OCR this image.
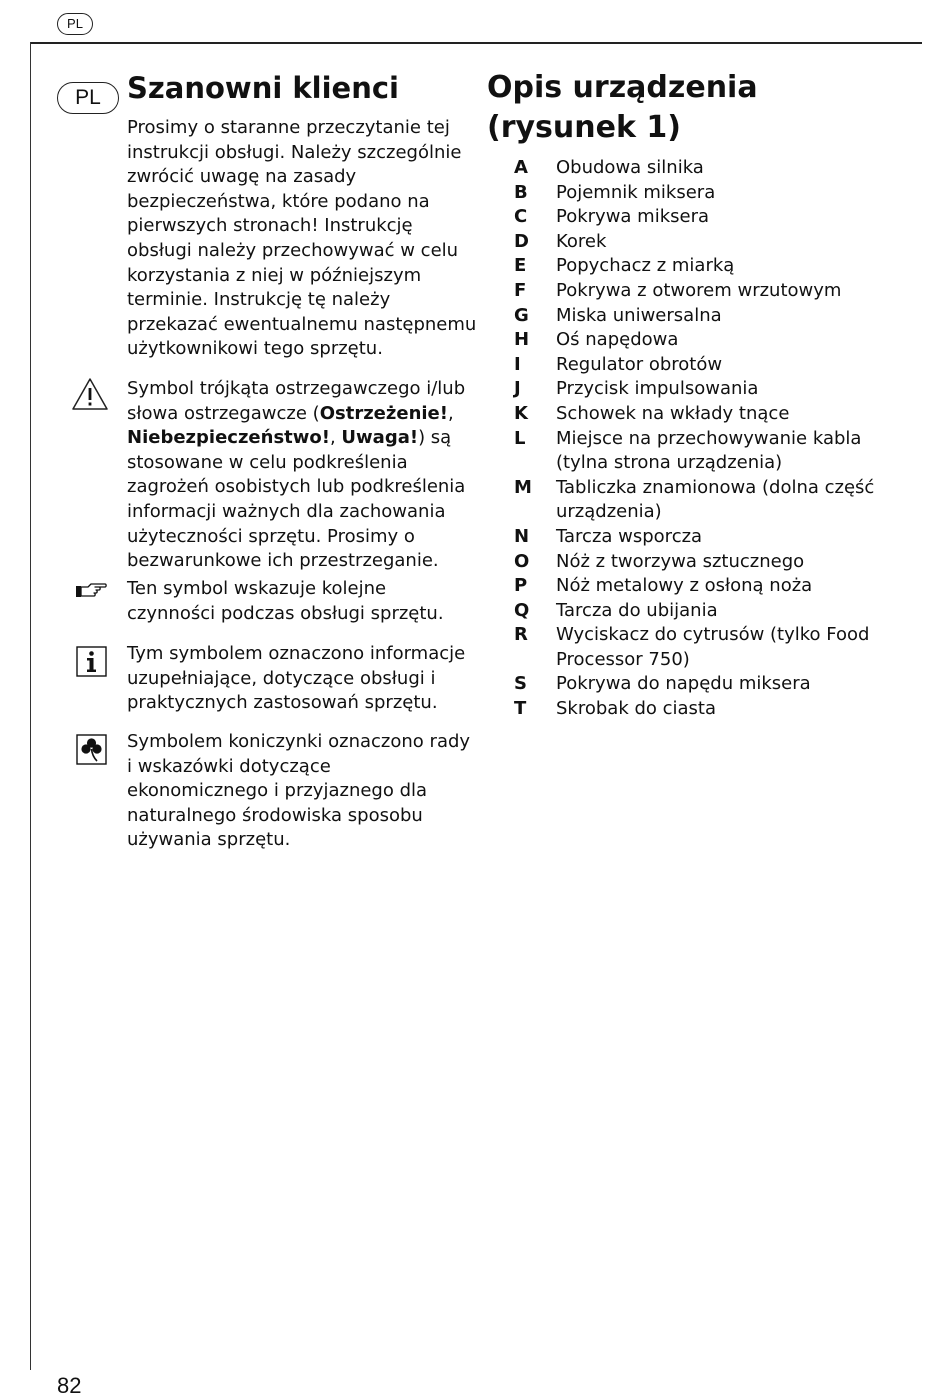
PL
PL Szanowni klienci

Prosimy o staranne przeczytanie tej instrukcji obsługi. Należy szczególnie zwrócić uwagę na zasady bezpieczeństwa, które podano na pierwszych stronach! Instrukcję obsługi należy przechowywać w celu korzystania z niej w późniejszym terminie. Instrukcję tę należy przekazać ewentualnemu następnemu użytkownikowi tego sprzętu.

Symbol trójkąta ostrzegawczego i/lub słowa ostrzegawcze (Ostrzeżenie!, Niebezpieczeństwo!, Uwaga!) są stosowane w celu podkreślenia zagrożeń osobistych lub podkreślenia informacji ważnych dla zachowania użyteczności sprzętu. Prosimy o bezwarunkowe ich przestrzeganie.

Ten symbol wskazuje kolejne czynności podczas obsługi sprzętu.

Tym symbolem oznaczono informacje uzupełniające, dotyczące obsługi i praktycznych zastosowań sprzętu.

Symbolem koniczynki oznaczono rady i wskazówki dotyczące ekonomicznego i przyjaznego dla naturalnego środowiska sposobu używania sprzętu.

Opis urządzenia
(rysunek 1)
A	Obudowa silnika
B	Pojemnik miksera
C	Pokrywa miksera
D	Korek
E	Popychacz z miarką
F	Pokrywa z otworem wrzutowym
G	Miska uniwersalna
H	Oś napędowa
I	Regulator obrotów
J	Przycisk impulsowania
K	Schowek na wkłady tnące
L	Miejsce na przechowywanie kabla (tylna strona urządzenia)
M	Tabliczka znamionowa (dolna część urządzenia)
N	Tarcza wsporcza
O	Nóż z tworzywa sztucznego
P	Nóż metalowy z osłoną noża
Q	Tarcza do ubijania
R	Wyciskacz do cytrusów (tylko Food Processor 750)
S	Pokrywa do napędu miksera
T	Skrobak do ciasta
82
